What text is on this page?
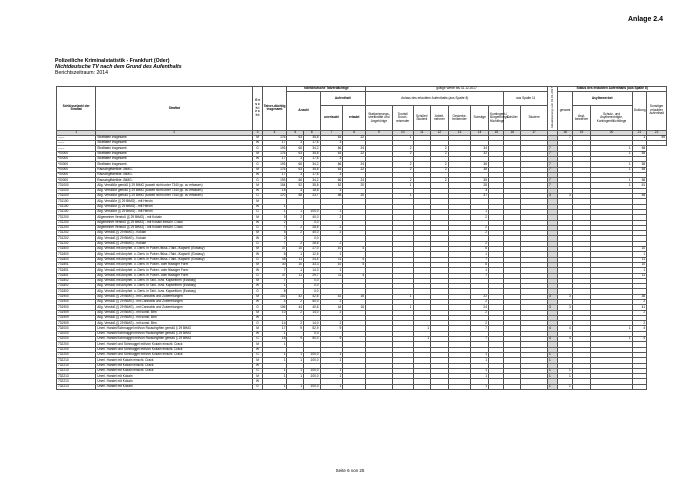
Anlage 2.4
Polizeiliche Kriminalstatistik - Frankfurt (Oder)
Nichtdeutsche TV nach dem Grund des Aufenthalts
Berichtszeitraum: 2014
Schlüsselzahl der Straftat	Straftat	G e s c h l e c h t	Tatver-dächtig insgesamt	nichtdeutsche Tatverdächtige				gültige Werte bis 31.12.2017									Aktualisierung vom 01.01.2017	Status des erlaubten Aufenthalts (aus Spalte 8)				
				Anzahl		Aufenthalt		Anlass des erlaubten Aufenthalts (aus Spalte 8)							aus Spalte 11			gesamt	Asylbewerbet		Duldung	Sonstiger erlaubter Aufenthalt
						unerlaubt	erlaubt	Stationierungs-streitkräfte und Angehörige	Tourist/ Durch-reisender	Schüler/ Student	Arbeit-nehmer	Gewerbe-treibender	Sonstige	Kontingent-/ Bürgerkriegs-flüchtlinge	Schüler	Student			Asyl-bewerber	Schutz- und Asylberechtigte, Kontingentflüchtlinge		

1	2	3	4	5	6	7	8	9	10	11	12	13	14	15	16	17		18	19	20	21	22
------	Straftaten insgesamt	M	176	63	35,8	63	22		1									7			1	55
------	Straftaten insgesamt	W	17	3	17,6	3																
------	Straftaten insgesamt	G	193	66	34,2	66	24		2		2		34				7			1	58	
*00000	Straftaten insgesamt	M	176	63	35,8	63	22		2		2		32				7			1	55	
*00000	Straftaten insgesamt	W	17	3	17,6	3																
*00000	Straftaten insgesamt	G	193	66	34,2	66	24		2		2		36				7			1	58	
*00000	Rauschgiftdelikte -BtMG-	M	176	63	35,8	63	22		2		2		38				7			1	55	
*00000	Rauschgiftdelikte -BtMG-	W	17	3	17,6	3																
*00000	Rauschgiftdelikte -BtMG-	G	193	66	34,2	66	24		2		2		35				7			1	58	
731000	Allg. Verstöße gemäß § 29 BtMG (soweit nicht unter 7340 pp. zu erfassen)	M	154	52	35,8	52	20		1				28				7			1	51	
731000	Allg. Verstöße gemäß § 29 BtMG (soweit nicht unter 7340 pp. zu erfassen)	W	16	3	18,8	3							3									
731000	Allg. Verstöße gemäß § 29 BtMG (soweit nicht unter 7340 pp. zu erfassen)	G	170	58	23,7	58	20		1				37				3	3			55	
731100	Allg. Verstöße (§ 29 BtMG) - mit Heroin	M																				
731100	Allg. Verstöße (§ 29 BtMG) - mit Heroin	W	1																			
731100	Allg. Verstöße (§ 29 BtMG) - mit Heroin	G	1	1	100,0	1							1									
731200	Allgemeiner Verstoß (§ 29 BtMG) - mit Kokain	M	5	2	40,0	2							2									
731200	Allgemeiner Verstoß (§ 29 BtMG) - mit Kokain einschl. Crack	W	2		0,0																	
731200	Allgemeiner Verstoß (§ 29 BtMG) - mit Kokain einschl. Crack	G	7	2	28,6	2							2									
731202	Allg. Verstoß (§ 29 BtMG) - Kokain	M	5	2	40,0	2							2									
731202	Allg. Verstoß (§ 29 BtMG) - Kokain	W	2		0,0																	
731202	Allg. Verstoß (§ 29 BtMG) - Kokain	G	7	2	28,6	2							2									
731800	Allg. Verstoß mit Amphet. u. Deriv. in Pulver-/flüss.-/Tabl.-/Kapself. (Ecstasy)	M	37	10	27,0	10	4						6								10	
731800	Allg. Verstoß mit Amphet. u. Deriv. in Pulver-/flüss.-/Tabl.-/Kapself. (Ecstasy)	W	8	1	12,5	1							1								1	
731800	Allg. Verstoß mit Amphet. u. Deriv. in Pulver-/flüss.-/Tabl.-/Kapself. (Ecstasy)	G	45	11	24,4	11	4						7								11	
731801	Allg. Verstoß mit Amphet. u. Deriv. in Pulver- oder flüssiger Form	M	30	10	33,3	10	4						6								10	
731801	Allg. Verstoß mit Amphet. u. Deriv. in Pulver- oder flüssiger Form	W	7	1	14,3	1							1								1	
731801	Allg. Verstoß mit Amphet. u. Deriv. in Pulver- oder flüssiger Form	G	37	11	29,7	11	4						7								11	
731802	Allg. Verstoß mit Amphet. u. Deriv. in Tabl.- bzw. Kapselform (Ecstasy)	M	7		0,0																	
731802	Allg. Verstoß mit Amphet. u. Deriv. in Tabl.- bzw. Kapselform (Ecstasy)	W	1		0,0																	
731802	Allg. Verstoß mit Amphet. u. Deriv. in Tabl.- bzw. Kapselform (Ecstasy)	G	8		0,0																	
731900	Allg. Verstoß (§ 29 BtMG) - mit Cannabis und Zubereitungen	M	102	42	42,6	42	16		1				22				3	3			36	
731900	Allg. Verstoß (§ 29 BtMG) - mit Cannabis und Zubereitungen	W	4	2	50,0	2							2								2	
731900	Allg. Verstoß (§ 29 BtMG) - mit Cannabis und Zubereitungen	G	106	44	40,6	44	16		1				24				3	3			41	
731909	Allg. Verstoß (§ 29 BtMG) - mit sonst. Btm	M	10	2	14,0	2							2								2	
731909	Allg. Verstoß (§ 29 BtMG) - mit sonst. Btm	W																				
731909	Allg. Verstoß (§ 29 BtMG) - mit sonst. Btm	G	14	2	14,0	2							2								2	
732000	Unerl. Handel/Schmuggel mit/von Rauschgiften gemäß § 29 BtMG	M	17	9	52,9	9				1			7				4	4		1	4	
732000	Unerl. Handel/Schmuggel mit/von Rauschgiften gemäß § 29 BtMG	W	1		0,0																	
732000	Unerl. Handel/Schmuggel mit/von Rauschgiften gemäß § 29 BtMG	G	18	9	50,0	9				1			7				4	4		1	4	
732200	Unerl. Handel und Schmuggel mit/von Kokain einschl. Crack	M	1																			
732200	Unerl. Handel und Schmuggel mit/von Kokain einschl. Crack	W																				
732200	Unerl. Handel und Schmuggel mit/von Kokain einschl. Crack	G	1	1	100,0	1							1				1					
732210	Unerl. Handel mit Kokain einschl. Crack	M	1	1	100,0	1							1				1					
732210	Unerl. Handel mit Kokain einschl. Crack	W																				
732210	Unerl. Handel mit Kokain einschl. Crack	G	1	1	100,0	1							1				1	1				
732213	Unerl. Handel mit Kokain	M	1	1	100,0	1							1				1	1				
732213	Unerl. Handel mit Kokain	W																				
732213	Unerl. Handel mit Kokain	G	1	1	100,0	1							1				1	1				
Seite 6 von 25
